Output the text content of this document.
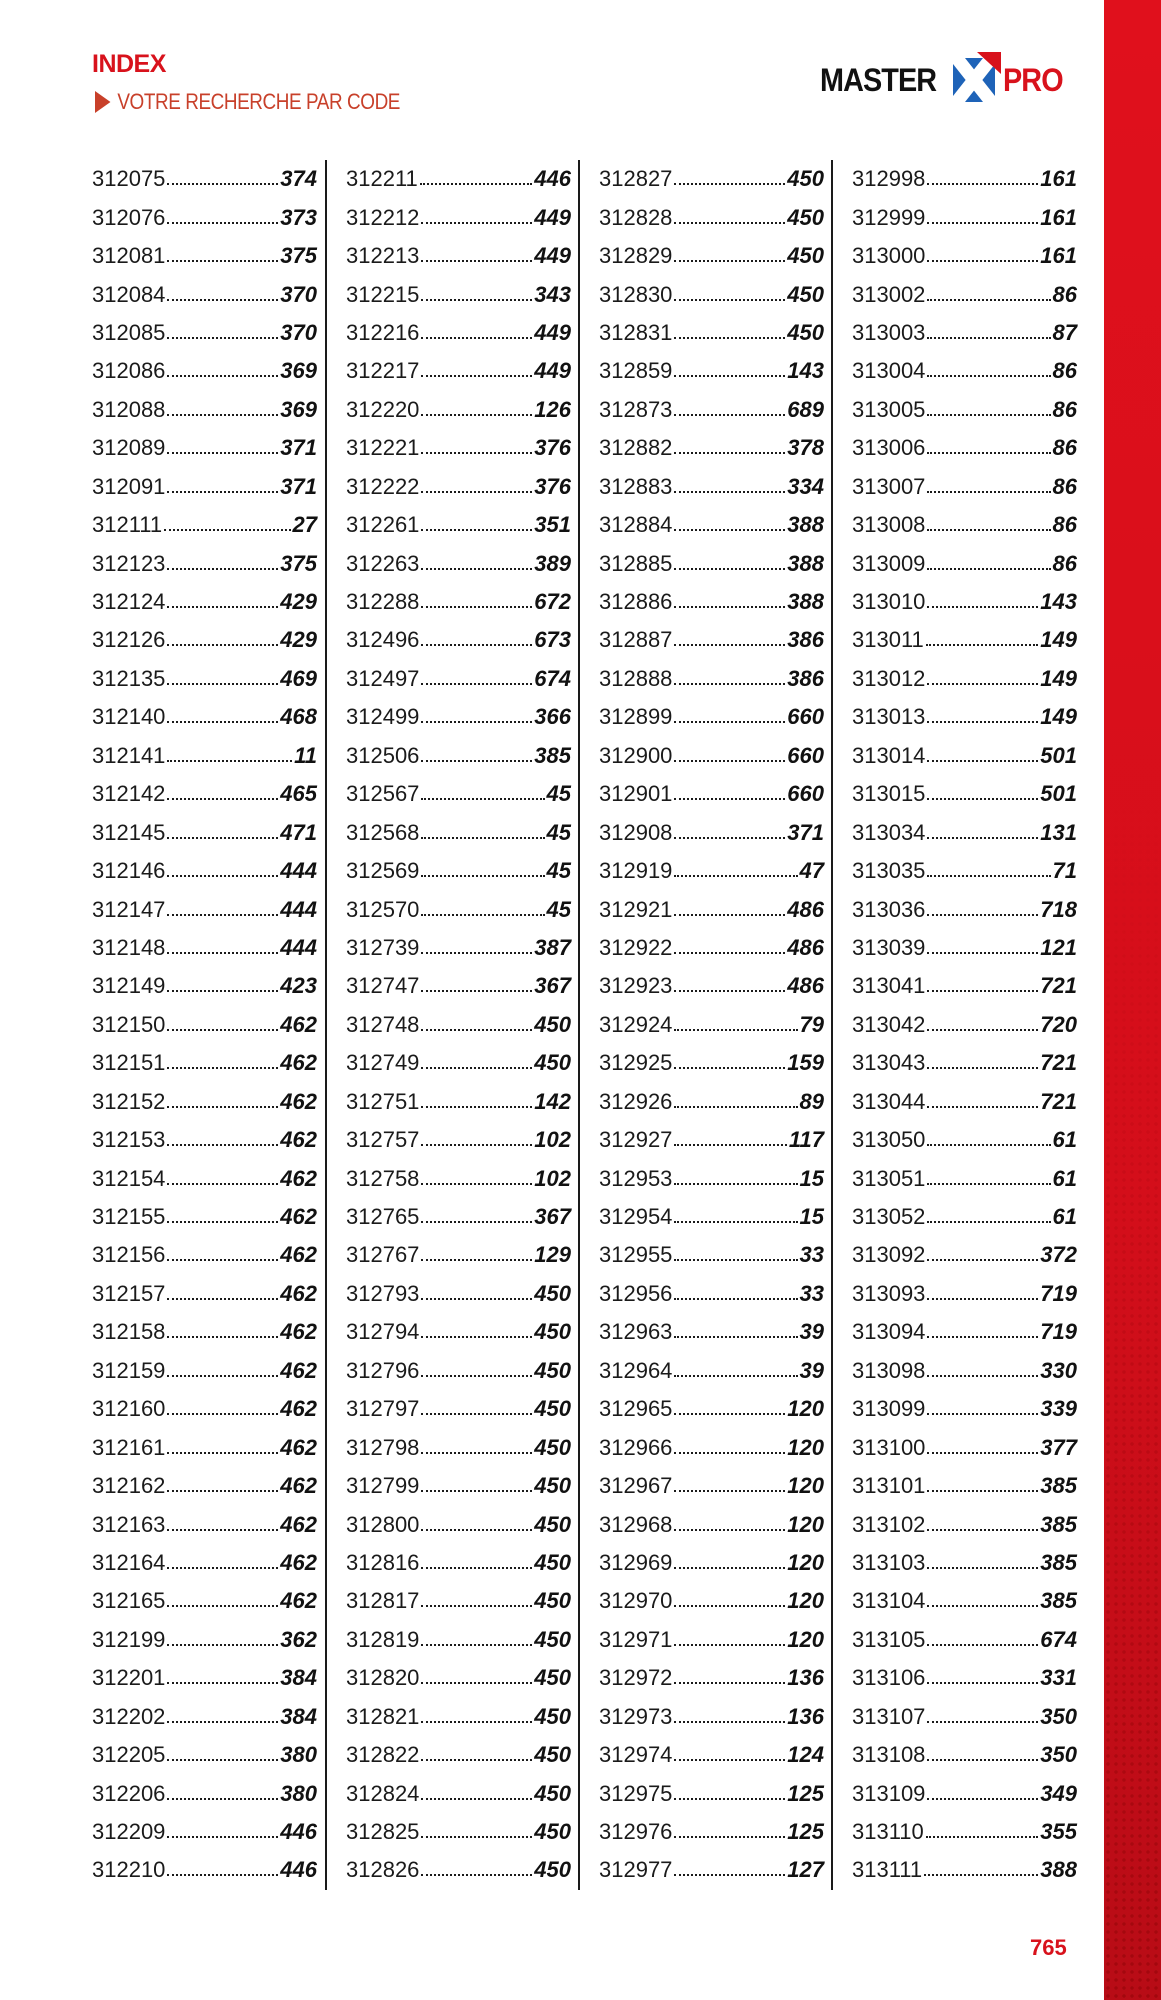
INDEX
VOTRE RECHERCHE PAR CODE
MASTER PRO
312075	374
312076	373
312081	375
312084	370
312085	370
312086	369
312088	369
312089	371
312091	371
312111	27
312123	375
312124	429
312126	429
312135	469
312140	468
312141	11
312142	465
312145	471
312146	444
312147	444
312148	444
312149	423
312150	462
312151	462
312152	462
312153	462
312154	462
312155	462
312156	462
312157	462
312158	462
312159	462
312160	462
312161	462
312162	462
312163	462
312164	462
312165	462
312199	362
312201	384
312202	384
312205	380
312206	380
312209	446
312210	446
312211	446
312212	449
312213	449
312215	343
312216	449
312217	449
312220	126
312221	376
312222	376
312261	351
312263	389
312288	672
312496	673
312497	674
312499	366
312506	385
312567	45
312568	45
312569	45
312570	45
312739	387
312747	367
312748	450
312749	450
312751	142
312757	102
312758	102
312765	367
312767	129
312793	450
312794	450
312796	450
312797	450
312798	450
312799	450
312800	450
312816	450
312817	450
312819	450
312820	450
312821	450
312822	450
312824	450
312825	450
312826	450
312827	450
312828	450
312829	450
312830	450
312831	450
312859	143
312873	689
312882	378
312883	334
312884	388
312885	388
312886	388
312887	386
312888	386
312899	660
312900	660
312901	660
312908	371
312919	47
312921	486
312922	486
312923	486
312924	79
312925	159
312926	89
312927	117
312953	15
312954	15
312955	33
312956	33
312963	39
312964	39
312965	120
312966	120
312967	120
312968	120
312969	120
312970	120
312971	120
312972	136
312973	136
312974	124
312975	125
312976	125
312977	127
312998	161
312999	161
313000	161
313002	86
313003	87
313004	86
313005	86
313006	86
313007	86
313008	86
313009	86
313010	143
313011	149
313012	149
313013	149
313014	501
313015	501
313034	131
313035	71
313036	718
313039	121
313041	721
313042	720
313043	721
313044	721
313050	61
313051	61
313052	61
313092	372
313093	719
313094	719
313098	330
313099	339
313100	377
313101	385
313102	385
313103	385
313104	385
313105	674
313106	331
313107	350
313108	350
313109	349
313110	355
313111	388
765
